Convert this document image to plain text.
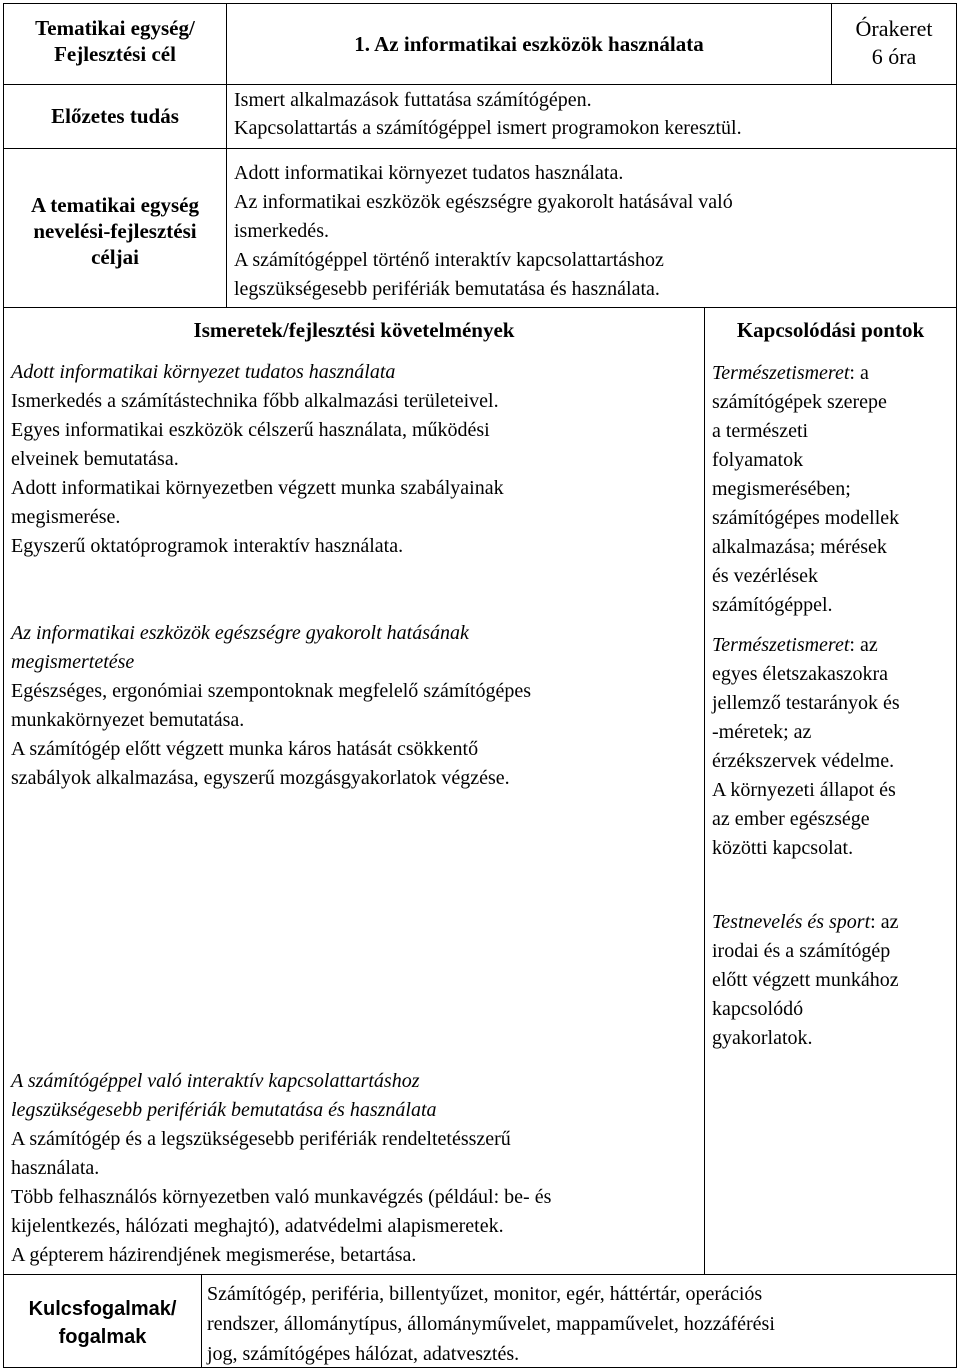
Tematikai egység/
Fejlesztési cél	1. Az informatikai eszközök használata
Órakeret
6 óra
Előzetes tudás
Ismert alkalmazások futtatása számítógépen.
Kapcsolattartás a számítógéppel ismert programokon keresztül.
A tematikai egység
nevelési-fejlesztési
céljai
Adott informatikai környezet tudatos használata.
Az informatikai eszközök egészségre gyakorolt hatásával való
ismerkedés.
A számítógéppel történő interaktív kapcsolattartáshoz
legszükségesebb perifériák bemutatása és használata.
Ismeretek/fejlesztési követelmények	Kapcsolódási pontok
Adott informatikai környezet tudatos használata
Ismerkedés a számítástechnika főbb alkalmazási területeivel.
Egyes informatikai eszközök célszerű használata, működési
elveinek bemutatása.
Adott informatikai környezetben végzett munka szabályainak
megismerése.
Egyszerű oktatóprogramok interaktív használata.
Az informatikai eszközök egészségre gyakorolt hatásának
megismertetése
Egészséges, ergonómiai szempontoknak megfelelő számítógépes
munkakörnyezet bemutatása.
A számítógép előtt végzett munka káros hatását csökkentő
szabályok alkalmazása, egyszerű mozgásgyakorlatok végzése.
A számítógéppel való interaktív kapcsolattartáshoz
legszükségesebb perifériák bemutatása és használata
A számítógép és a legszükségesebb perifériák rendeltetésszerű
használata.
Több felhasználós környezetben való munkavégzés (például: be- és
kijelentkezés, hálózati meghajtó), adatvédelmi alapismeretek.
A gépterem házirendjének megismerése, betartása.
Természetismeret: a
számítógépek szerepe
a természeti
folyamatok
megismerésében;
számítógépes modellek
alkalmazása; mérések
és vezérlések
számítógéppel.
Természetismeret: az
egyes életszakaszokra
jellemző testarányok és
-méretek; az
érzékszervek védelme.
A környezeti állapot és
az ember egészsége
közötti kapcsolat.
Testnevelés és sport: az
irodai és a számítógép
előtt végzett munkához
kapcsolódó
gyakorlatok.
Kulcsfogalmak/
fogalmak
Számítógép, periféria, billentyűzet, monitor, egér, háttértár, operációs
rendszer, állománytípus, állományművelet, mappaművelet, hozzáférési
jog, számítógépes hálózat, adatvesztés.
